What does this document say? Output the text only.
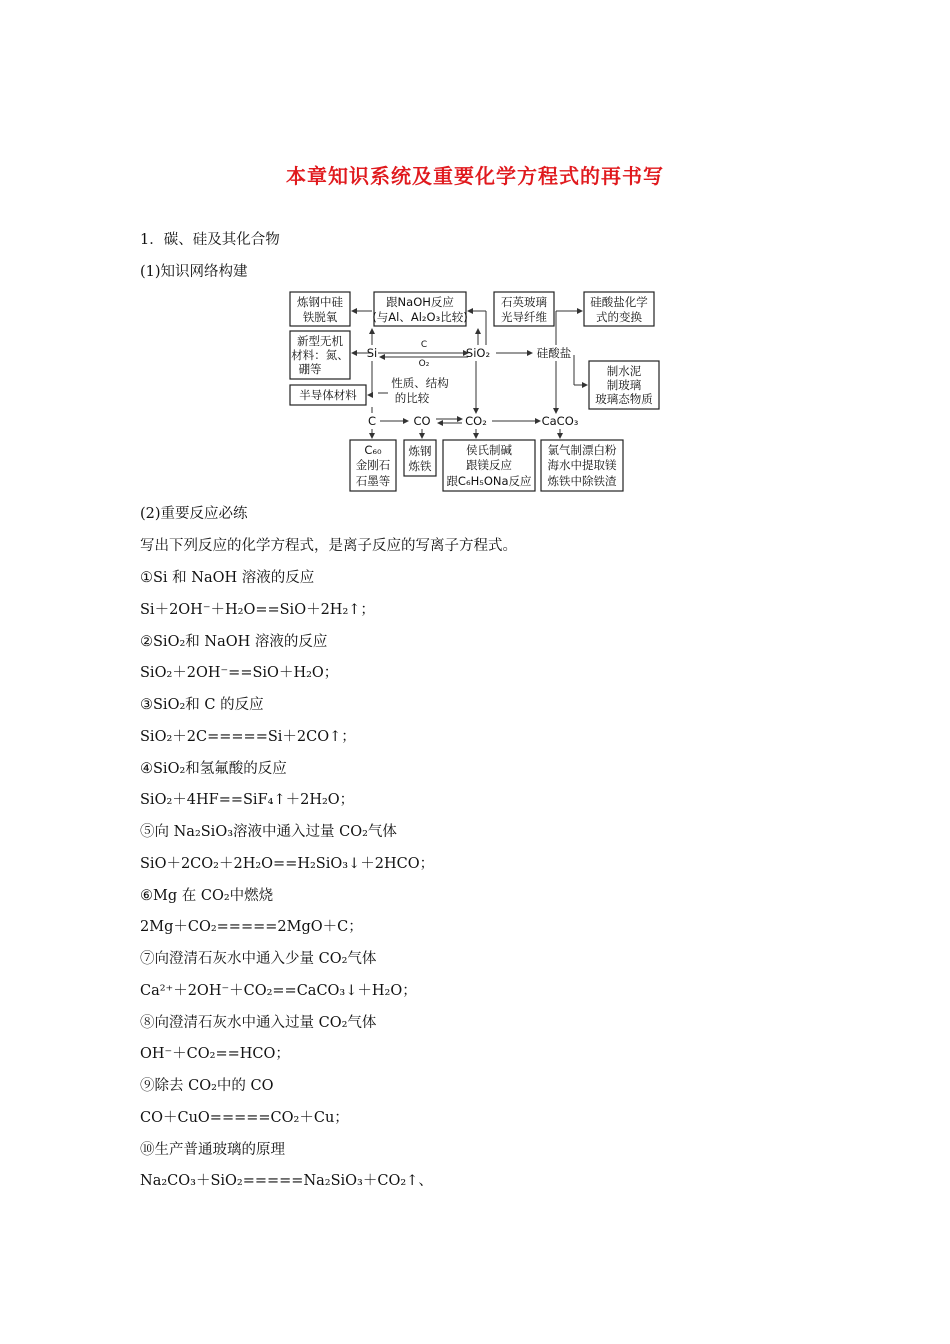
本章知识系统及重要化学方程式的再书写
1．碳、硅及其化合物
(1)知识网络构建
炼钢中硅
铁脱氧
跟NaOH反应
(与Al、Al₂O₃比较)
石英玻璃
光导纤维
硅酸盐化学
式的变换
新型无机
材料：氮、
硼等
半导体材料
制水泥
制玻璃
玻璃态物质
C₆₀
金刚石
石墨等
炼钢
炼铁
侯氏制碱
跟镁反应
跟C₆H₅ONa反应
氯气制漂白粉
海水中提取镁
炼铁中除铁渣
Si	SiO₂	硅酸盐
C
O₂
性质、结构
的比较
C	CO	CO₂	CaCO₃
(2)重要反应必练
写出下列反应的化学方程式，是离子反应的写离子方程式。
①Si 和 NaOH 溶液的反应
Si＋2OH⁻＋H₂O==SiO＋2H₂↑；
②SiO₂和 NaOH 溶液的反应
SiO₂＋2OH⁻==SiO＋H₂O；
③SiO₂和 C 的反应
SiO₂＋2C=====Si＋2CO↑；
④SiO₂和氢氟酸的反应
SiO₂＋4HF==SiF₄↑＋2H₂O；
⑤向 Na₂SiO₃溶液中通入过量 CO₂气体
SiO＋2CO₂＋2H₂O==H₂SiO₃↓＋2HCO；
⑥Mg 在 CO₂中燃烧
2Mg＋CO₂=====2MgO＋C；
⑦向澄清石灰水中通入少量 CO₂气体
Ca²⁺＋2OH⁻＋CO₂==CaCO₃↓＋H₂O；
⑧向澄清石灰水中通入过量 CO₂气体
OH⁻＋CO₂==HCO；
⑨除去 CO₂中的 CO
CO＋CuO=====CO₂＋Cu；
⑩生产普通玻璃的原理
Na₂CO₃＋SiO₂=====Na₂SiO₃＋CO₂↑、
